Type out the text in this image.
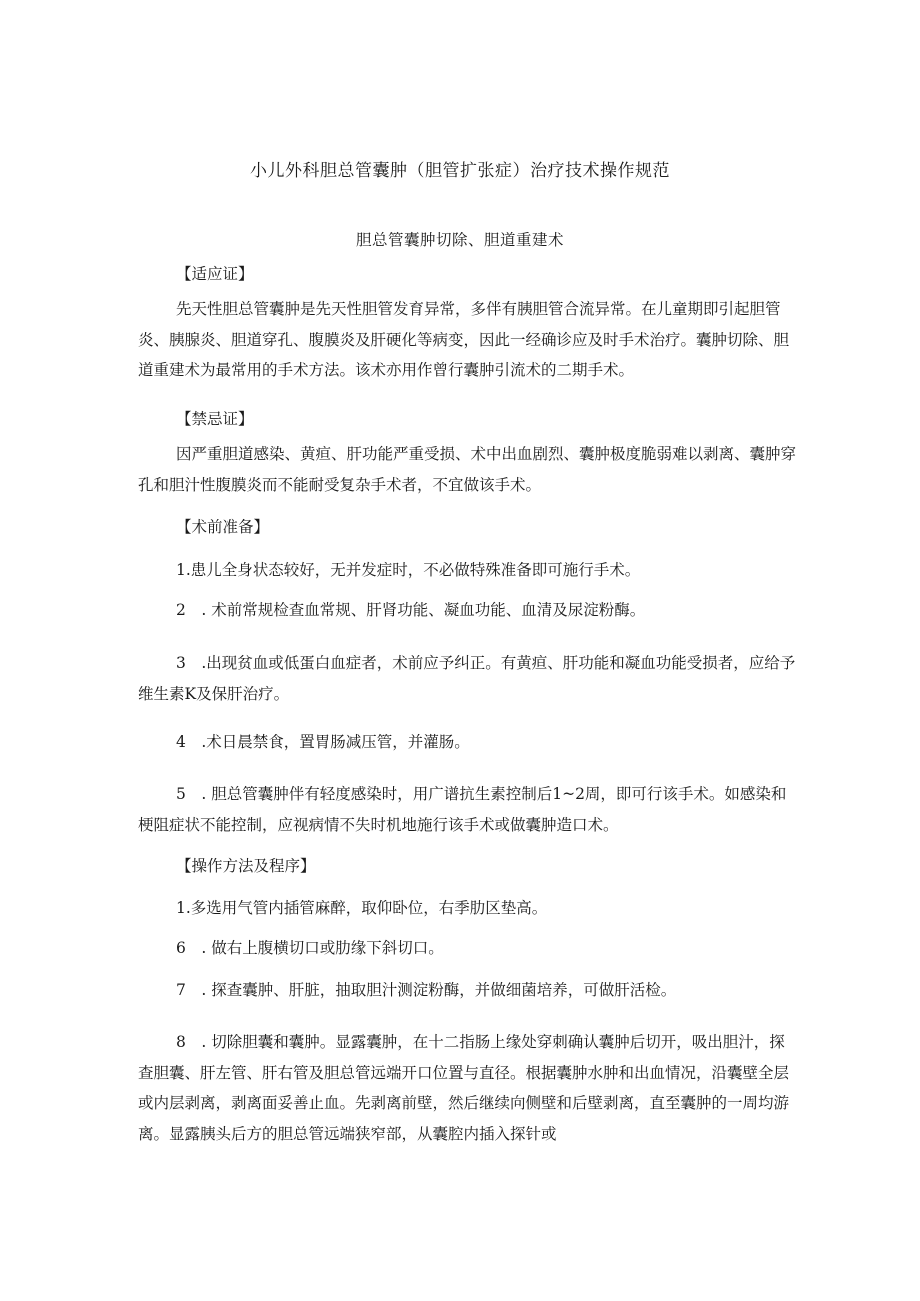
小儿外科胆总管囊肿（胆管扩张症）治疗技术操作规范
胆总管囊肿切除、胆道重建术
【适应证】
先天性胆总管囊肿是先天性胆管发育异常，多伴有胰胆管合流异常。在儿童期即引起胆管炎、胰腺炎、胆道穿孔、腹膜炎及肝硬化等病变，因此一经确诊应及时手术治疗。囊肿切除、胆道重建术为最常用的手术方法。该术亦用作曾行囊肿引流术的二期手术。
【禁忌证】
因严重胆道感染、黄疸、肝功能严重受损、术中出血剧烈、囊肿极度脆弱难以剥离、囊肿穿孔和胆汁性腹膜炎而不能耐受复杂手术者，不宜做该手术。
【术前准备】
1.患儿全身状态较好，无并发症时，不必做特殊准备即可施行手术。
2　. 术前常规检查血常规、肝肾功能、凝血功能、血清及尿淀粉酶。
3　.出现贫血或低蛋白血症者，术前应予纠正。有黄疸、肝功能和凝血功能受损者，应给予维生素K及保肝治疗。
4　.术日晨禁食，置胃肠减压管，并灌肠。
5　. 胆总管囊肿伴有轻度感染时，用广谱抗生素控制后1~2周，即可行该手术。如感染和梗阻症状不能控制，应视病情不失时机地施行该手术或做囊肿造口术。
【操作方法及程序】
1.多选用气管内插管麻醉，取仰卧位，右季肋区垫高。
6　. 做右上腹横切口或肋缘下斜切口。
7　. 探查囊肿、肝脏，抽取胆汁测淀粉酶，并做细菌培养，可做肝活检。
8　. 切除胆囊和囊肿。显露囊肿，在十二指肠上缘处穿刺确认囊肿后切开，吸出胆汁，探查胆囊、肝左管、肝右管及胆总管远端开口位置与直径。根据囊肿水肿和出血情况，沿囊壁全层或内层剥离，剥离面妥善止血。先剥离前壁，然后继续向侧壁和后壁剥离，直至囊肿的一周均游离。显露胰头后方的胆总管远端狭窄部，从囊腔内插入探针或
